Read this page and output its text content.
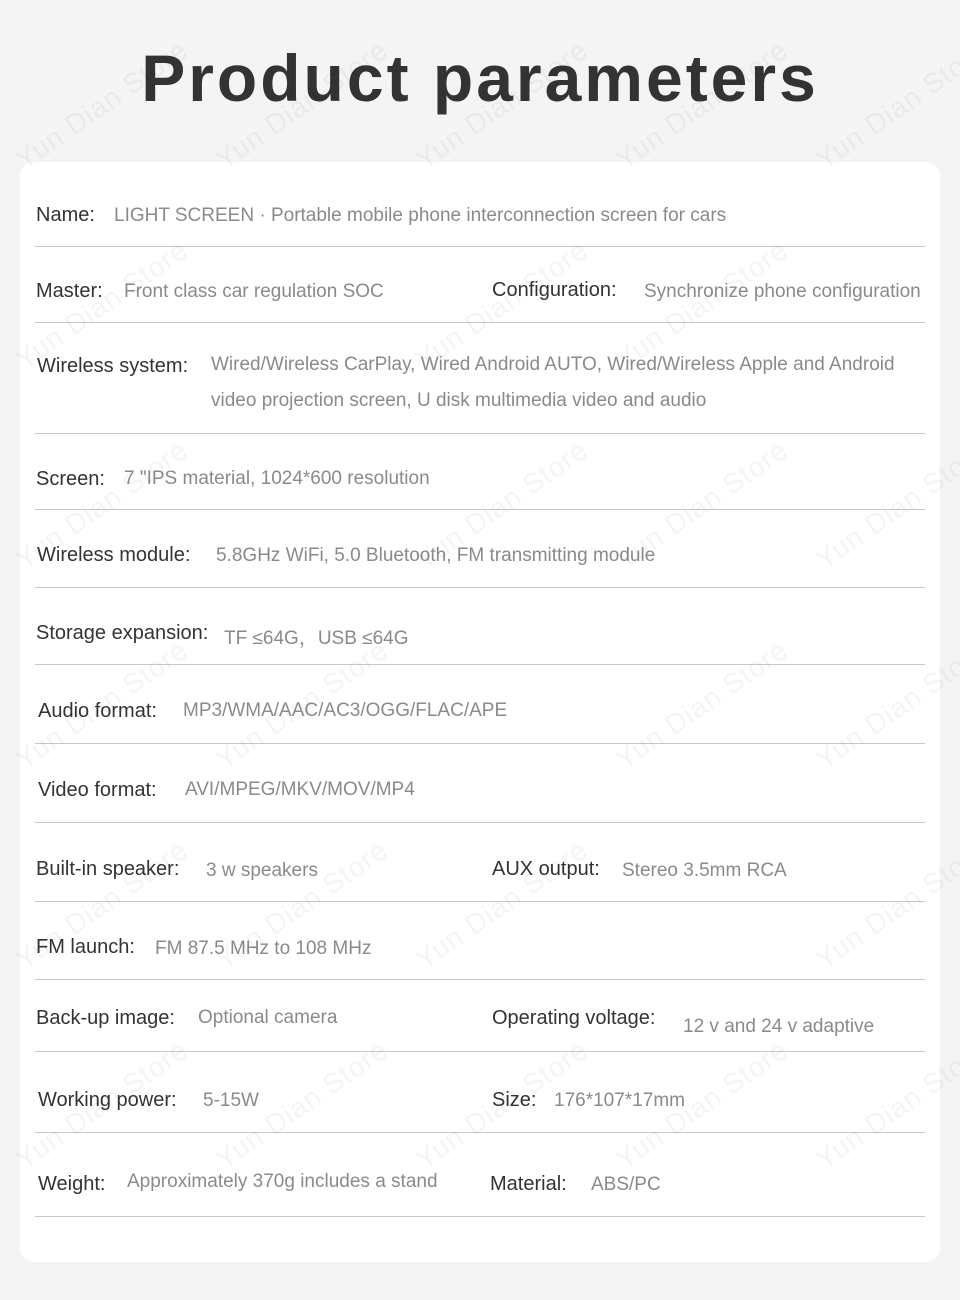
Product parameters
Name: LIGHT SCREEN · Portable mobile phone interconnection screen for cars
Master: Front class car regulation SOC	Configuration: Synchronize phone configuration
Wireless system: Wired/Wireless CarPlay, Wired Android AUTO, Wired/Wireless Apple and Android video projection screen, U disk multimedia video and audio
Screen: 7 "IPS material, 1024*600 resolution
Wireless module: 5.8GHz WiFi, 5.0 Bluetooth, FM transmitting module
Storage expansion: TF ≤64G，USB ≤64G
Audio format: MP3/WMA/AAC/AC3/OGG/FLAC/APE
Video format: AVI/MPEG/MKV/MOV/MP4
Built-in speaker: 3 w speakers	AUX output: Stereo 3.5mm RCA
FM launch: FM 87.5 MHz to 108 MHz
Back-up image: Optional camera	Operating voltage: 12 v and 24 v adaptive
Working power: 5-15W	Size: 176*107*17mm
Weight: Approximately 370g includes a stand	Material: ABS/PC
